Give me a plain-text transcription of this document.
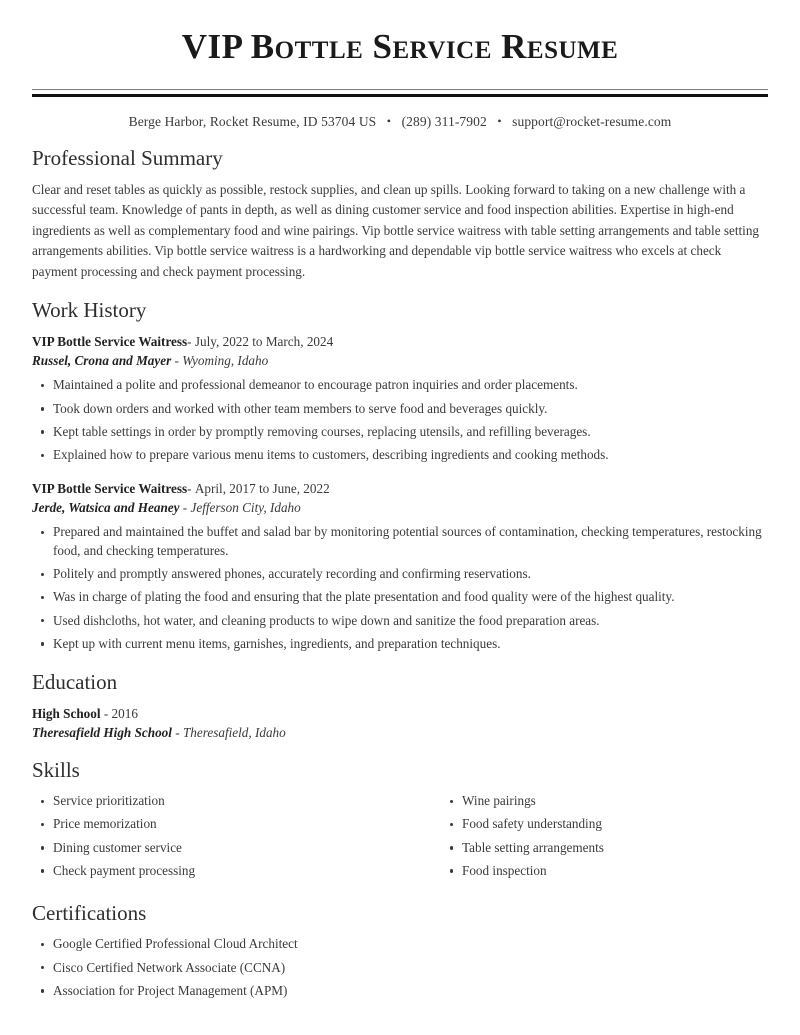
VIP Bottle Service Resume
Berge Harbor, Rocket Resume, ID 53704 US • (289) 311-7902 • support@rocket-resume.com
Professional Summary

Clear and reset tables as quickly as possible, restock supplies, and clean up spills. Looking forward to taking on a new challenge with a successful team. Knowledge of pants in depth, as well as dining customer service and food inspection abilities. Expertise in high-end ingredients as well as complementary food and wine pairings. Vip bottle service waitress with table setting arrangements and table setting arrangements abilities. Vip bottle service waitress is a hardworking and dependable vip bottle service waitress who excels at check payment processing and check payment processing.

Work History
VIP Bottle Service Waitress- July, 2022 to March, 2024
Russel, Crona and Mayer - Wyoming, Idaho
Maintained a polite and professional demeanor to encourage patron inquiries and order placements.
Took down orders and worked with other team members to serve food and beverages quickly.
Kept table settings in order by promptly removing courses, replacing utensils, and refilling beverages.
Explained how to prepare various menu items to customers, describing ingredients and cooking methods.
VIP Bottle Service Waitress- April, 2017 to June, 2022
Jerde, Watsica and Heaney - Jefferson City, Idaho
Prepared and maintained the buffet and salad bar by monitoring potential sources of contamination, checking temperatures, restocking food, and checking temperatures.
Politely and promptly answered phones, accurately recording and confirming reservations.
Was in charge of plating the food and ensuring that the plate presentation and food quality were of the highest quality.
Used dishcloths, hot water, and cleaning products to wipe down and sanitize the food preparation areas.
Kept up with current menu items, garnishes, ingredients, and preparation techniques.
Education
High School - 2016
Theresafield High School - Theresafield, Idaho
Skills
Service prioritization
Price memorization
Dining customer service
Check payment processing
Wine pairings
Food safety understanding
Table setting arrangements
Food inspection
Certifications
Google Certified Professional Cloud Architect
Cisco Certified Network Associate (CCNA)
Association for Project Management (APM)
